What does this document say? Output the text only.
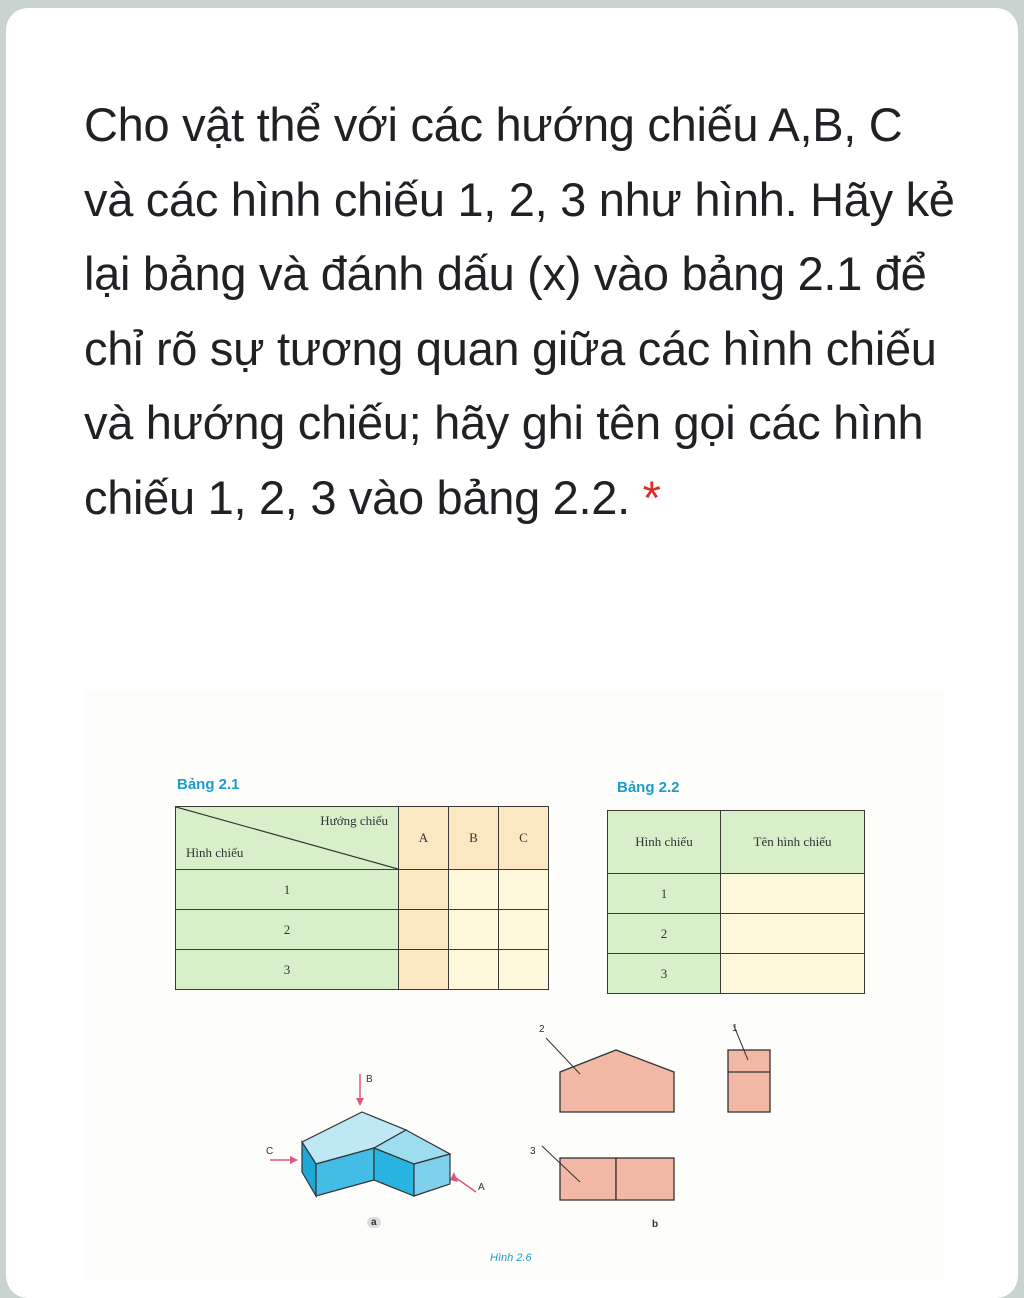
Cho vật thể với các hướng chiếu A,B, C và các hình chiếu 1, 2, 3 như hình. Hãy kẻ lại bảng và đánh dấu (x) vào bảng 2.1 để chỉ rõ sự tương quan giữa các hình chiếu và hướng chiếu; hãy ghi tên gọi các hình chiếu 1, 2, 3 vào bảng 2.2. *
Bảng 2.1
Hướng chiếu
Hình chiếu	A	B	C
1			
2			
3			
Bảng 2.2
Hình chiếu	Tên hình chiếu
1	
2	
3	
B
C
A
a
2
3
1
b
Hình 2.6
